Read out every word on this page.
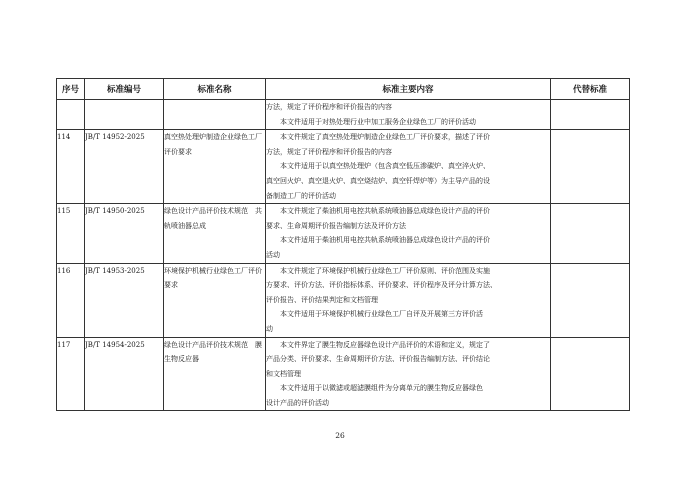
序号	标准编号	标准名称	标准主要内容	代替标准

			方法，规定了评价程序和评价报告的内容
本文件适用于对热处理行业中加工服务企业绿色工厂的评价活动	

114	JB/T 14952-2025	真空热处理炉制造企业绿色工厂评价要求	本文件规定了真空热处理炉制造企业绿色工厂评价要求，描述了评价
方法，规定了评价程序和评价报告的内容
本文件适用于以真空热处理炉（包含真空低压渗碳炉、真空淬火炉、
真空回火炉、真空退火炉、真空烧结炉、真空钎焊炉等）为主导产品的设
备制造工厂的评价活动	

115	JB/T 14950-2025	绿色设计产品评价技术规范　共轨喷油器总成	本文件规定了柴油机用电控共轨系统喷油器总成绿色设计产品的评价
要求、生命周期评价报告编制方法及评价方法
本文件适用于柴油机用电控共轨系统喷油器总成绿色设计产品的评价
活动	

116	JB/T 14953-2025	环境保护机械行业绿色工厂评价要求	本文件规定了环境保护机械行业绿色工厂评价原则、评价范围及实施
方要求、评价方法、评价指标体系、评价要求、评价程序及评分计算方法、
评价报告、评价结果判定和文档管理
本文件适用于环境保护机械行业绿色工厂自评及开展第三方评价活
动	

117	JB/T 14954-2025	绿色设计产品评价技术规范　膜生物反应器	本文件界定了膜生物反应器绿色设计产品评价的术语和定义，规定了
产品分类、评价要求、生命周期评价方法、评价报告编制方法、评价结论
和文档管理
本文件适用于以微滤或超滤膜组件为分离单元的膜生物反应器绿色
设计产品的评价活动	

26
